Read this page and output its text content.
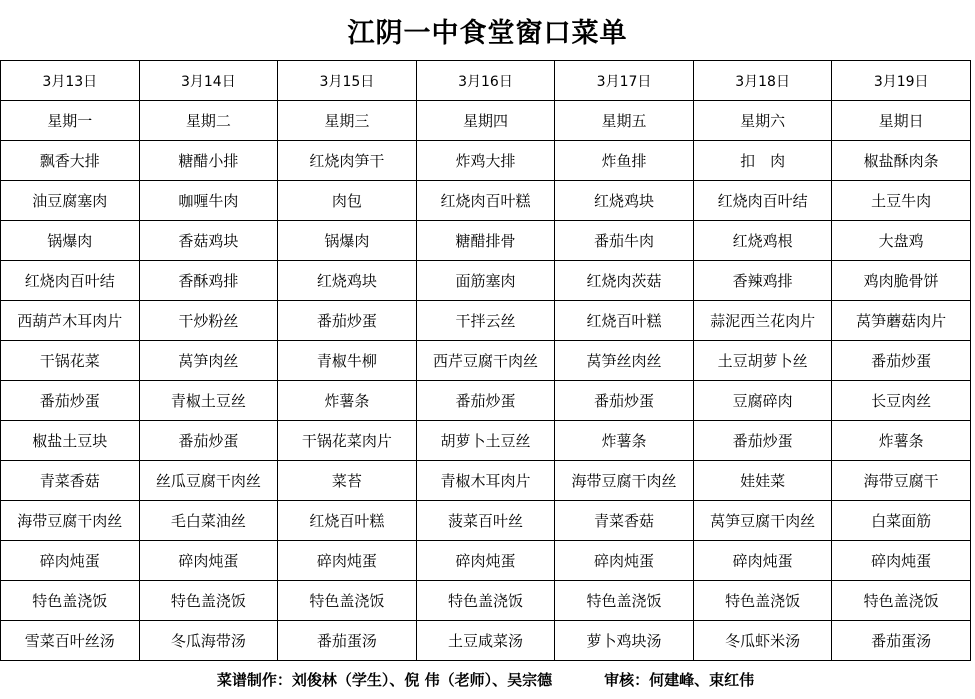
江阴一中食堂窗口菜单
3月13日	3月14日	3月15日	3月16日	3月17日	3月18日	3月19日
星期一	星期二	星期三	星期四	星期五	星期六	星期日
飘香大排	糖醋小排	红烧肉笋干	炸鸡大排	炸鱼排	扣　肉	椒盐酥肉条
油豆腐塞肉	咖喱牛肉	肉包	红烧肉百叶糕	红烧鸡块	红烧肉百叶结	土豆牛肉
锅爆肉	香菇鸡块	锅爆肉	糖醋排骨	番茄牛肉	红烧鸡根	大盘鸡
红烧肉百叶结	香酥鸡排	红烧鸡块	面筋塞肉	红烧肉茨菇	香辣鸡排	鸡肉脆骨饼
西葫芦木耳肉片	干炒粉丝	番茄炒蛋	干拌云丝	红烧百叶糕	蒜泥西兰花肉片	莴笋蘑菇肉片
干锅花菜	莴笋肉丝	青椒牛柳	西芹豆腐干肉丝	莴笋丝肉丝	土豆胡萝卜丝	番茄炒蛋
番茄炒蛋	青椒土豆丝	炸薯条	番茄炒蛋	番茄炒蛋	豆腐碎肉	长豆肉丝
椒盐土豆块	番茄炒蛋	干锅花菜肉片	胡萝卜土豆丝	炸薯条	番茄炒蛋	炸薯条
青菜香菇	丝瓜豆腐干肉丝	菜苔	青椒木耳肉片	海带豆腐干肉丝	娃娃菜	海带豆腐干
海带豆腐干肉丝	毛白菜油丝	红烧百叶糕	菠菜百叶丝	青菜香菇	莴笋豆腐干肉丝	白菜面筋
碎肉炖蛋	碎肉炖蛋	碎肉炖蛋	碎肉炖蛋	碎肉炖蛋	碎肉炖蛋	碎肉炖蛋
特色盖浇饭	特色盖浇饭	特色盖浇饭	特色盖浇饭	特色盖浇饭	特色盖浇饭	特色盖浇饭
雪菜百叶丝汤	冬瓜海带汤	番茄蛋汤	土豆咸菜汤	萝卜鸡块汤	冬瓜虾米汤	番茄蛋汤
菜谱制作：刘俊林（学生）、倪 伟（老师）、吴宗德	审核：何建峰、束红伟
